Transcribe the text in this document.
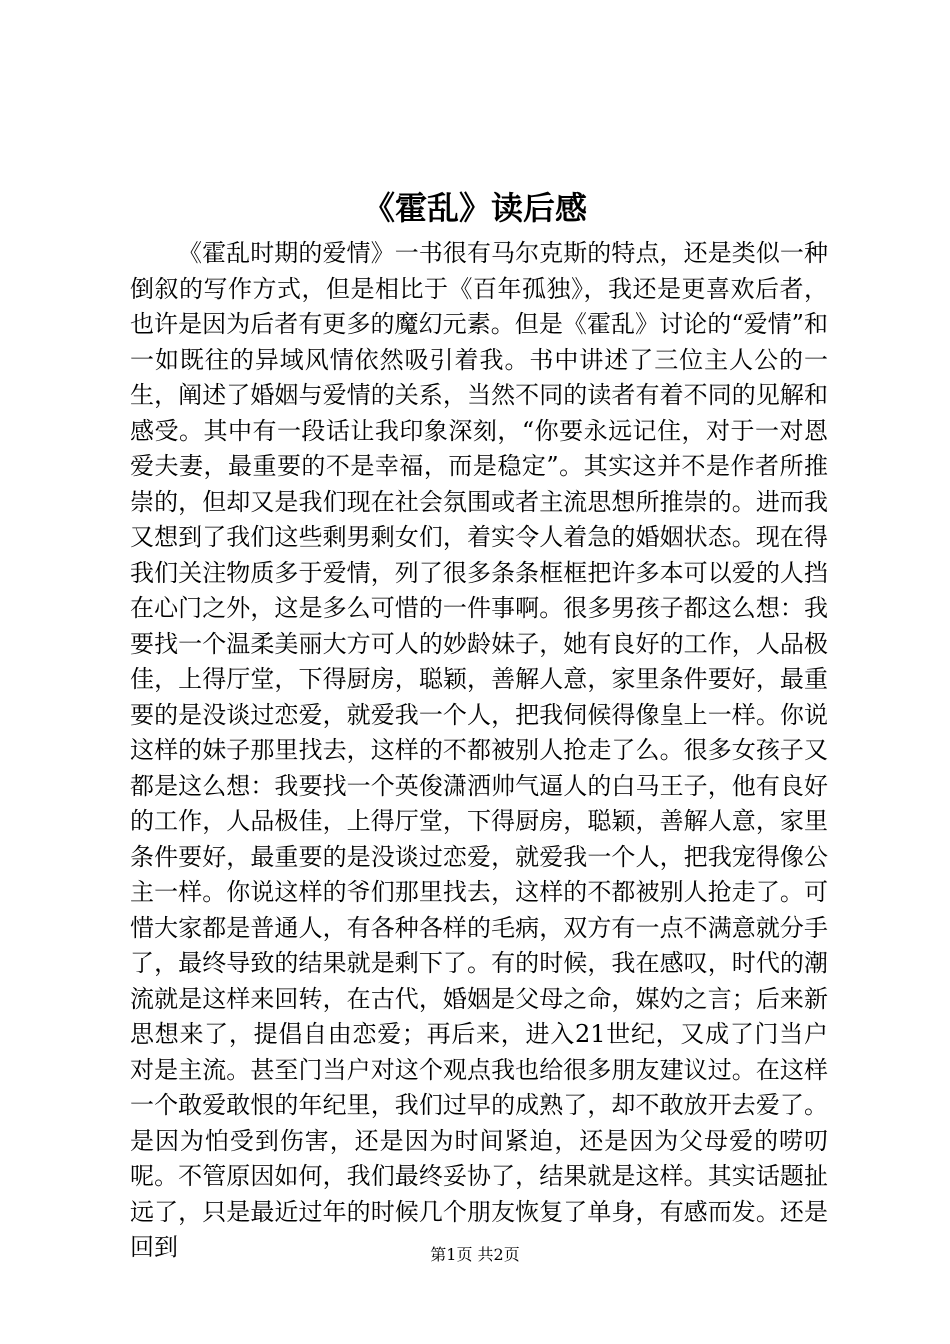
《霍乱》读后感

《霍乱时期的爱情》一书很有马尔克斯的特点，还是类似一种倒叙的写作方式，但是相比于《百年孤独》，我还是更喜欢后者，也许是因为后者有更多的魔幻元素。但是《霍乱》讨论的“爱情”和一如既往的异域风情依然吸引着我。书中讲述了三位主人公的一生，阐述了婚姻与爱情的关系，当然不同的读者有着不同的见解和感受。其中有一段话让我印象深刻，“你要永远记住，对于一对恩爱夫妻，最重要的不是幸福，而是稳定”。其实这并不是作者所推崇的，但却又是我们现在社会氛围或者主流思想所推崇的。进而我又想到了我们这些剩男剩女们，着实令人着急的婚姻状态。现在得我们关注物质多于爱情，列了很多条条框框把许多本可以爱的人挡在心门之外，这是多么可惜的一件事啊。很多男孩子都这么想：我要找一个温柔美丽大方可人的妙龄妹子，她有良好的工作，人品极佳，上得厅堂，下得厨房，聪颖，善解人意，家里条件要好，最重要的是没谈过恋爱，就爱我一个人，把我伺候得像皇上一样。你说这样的妹子那里找去，这样的不都被别人抢走了么。很多女孩子又都是这么想：我要找一个英俊潇洒帅气逼人的白马王子，他有良好的工作，人品极佳，上得厅堂，下得厨房，聪颖，善解人意，家里条件要好，最重要的是没谈过恋爱，就爱我一个人，把我宠得像公主一样。你说这样的爷们那里找去，这样的不都被别人抢走了。可惜大家都是普通人，有各种各样的毛病，双方有一点不满意就分手了，最终导致的结果就是剩下了。有的时候，我在感叹，时代的潮流就是这样来回转，在古代，婚姻是父母之命，媒妁之言；后来新思想来了，提倡自由恋爱；再后来，进入21世纪，又成了门当户对是主流。甚至门当户对这个观点我也给很多朋友建议过。在这样一个敢爱敢恨的年纪里，我们过早的成熟了，却不敢放开去爱了。是因为怕受到伤害，还是因为时间紧迫，还是因为父母爱的唠叨呢。不管原因如何，我们最终妥协了，结果就是这样。其实话题扯远了，只是最近过年的时候几个朋友恢复了单身，有感而发。还是回到	第1页 共2页
